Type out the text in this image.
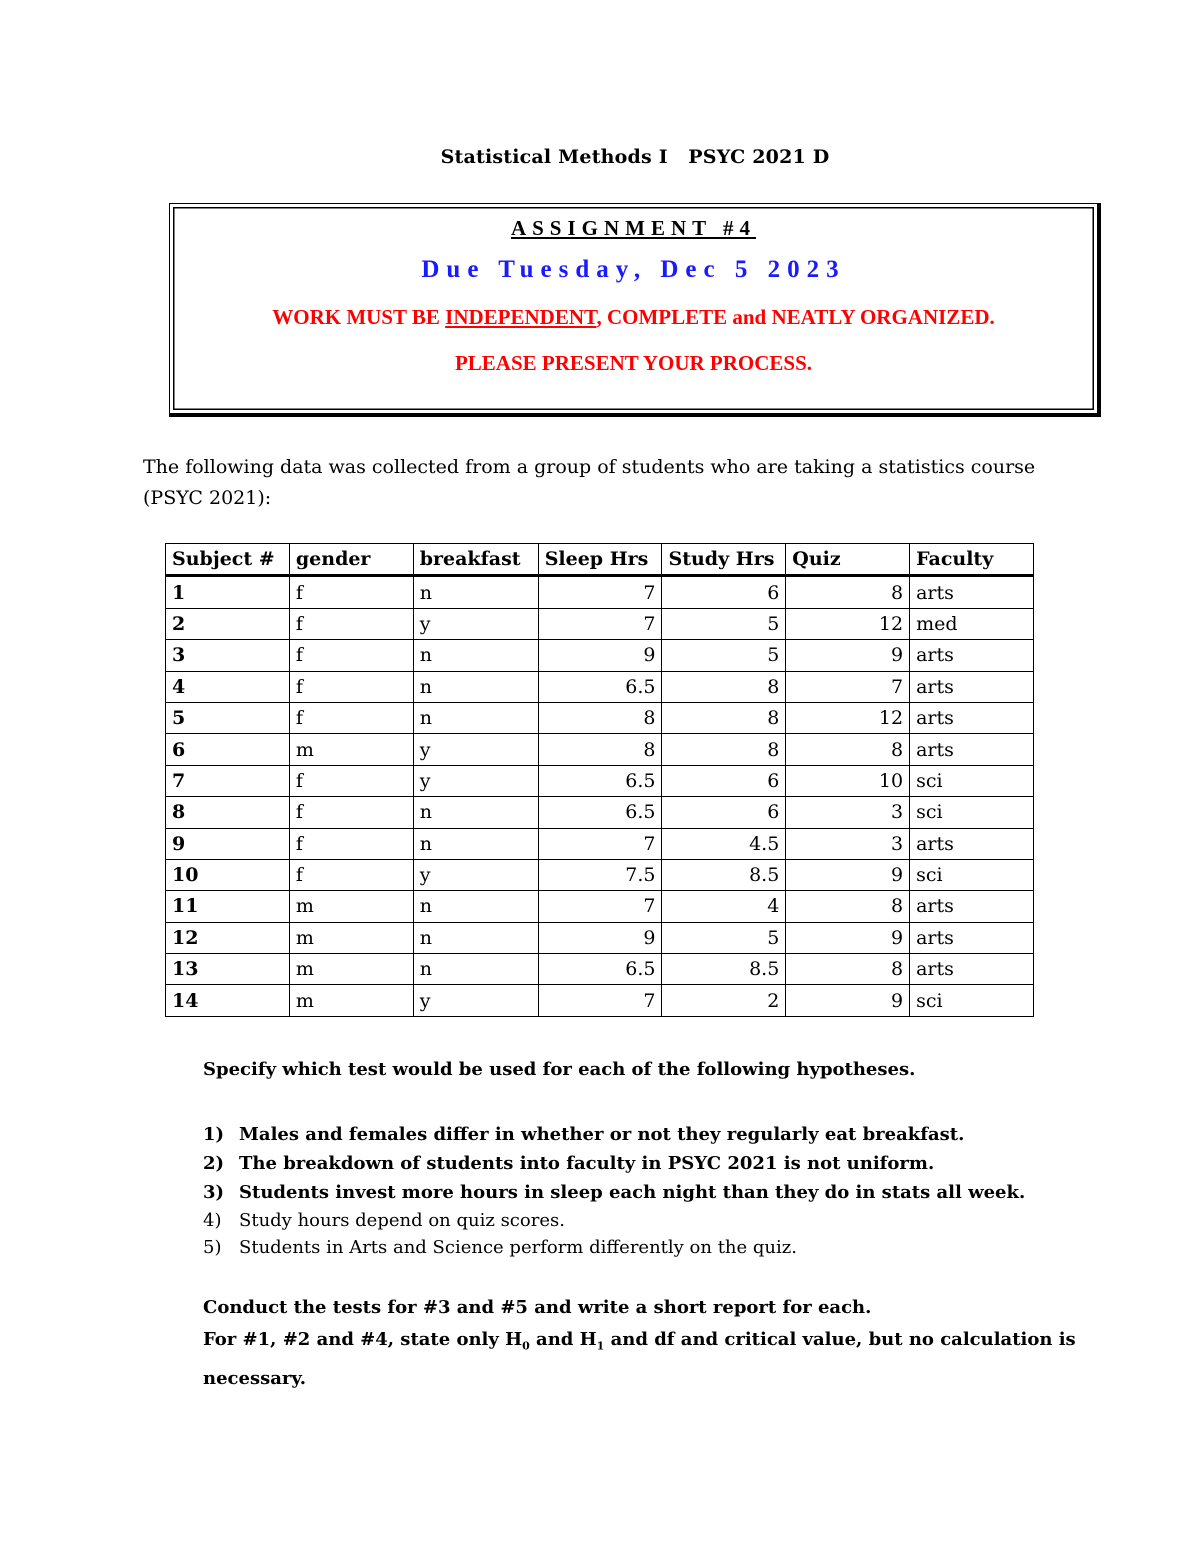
Statistical Methods I   PSYC 2021 D
ASSIGNMENT #4
Due Tuesday, Dec 5 2023
WORK MUST BE INDEPENDENT, COMPLETE and NEATLY ORGANIZED.
PLEASE PRESENT YOUR PROCESS.
The following data was collected from a group of students who are taking a statistics course (PSYC 2021):
Subject #	gender	breakfast	Sleep Hrs	Study Hrs	Quiz	Faculty
1	f	n	7	6	8	arts
2	f	y	7	5	12	med
3	f	n	9	5	9	arts
4	f	n	6.5	8	7	arts
5	f	n	8	8	12	arts
6	m	y	8	8	8	arts
7	f	y	6.5	6	10	sci
8	f	n	6.5	6	3	sci
9	f	n	7	4.5	3	arts
10	f	y	7.5	8.5	9	sci
11	m	n	7	4	8	arts
12	m	n	9	5	9	arts
13	m	n	6.5	8.5	8	arts
14	m	y	7	2	9	sci
Specify which test would be used for each of the following hypotheses.
1) Males and females differ in whether or not they regularly eat breakfast.
2) The breakdown of students into faculty in PSYC 2021 is not uniform.
3) Students invest more hours in sleep each night than they do in stats all week.
4) Study hours depend on quiz scores.
5) Students in Arts and Science perform differently on the quiz.
Conduct the tests for #3 and #5 and write a short report for each.
For #1, #2 and #4, state only $H_0$ and $H_1$ and df and critical value, but no calculation is necessary.
